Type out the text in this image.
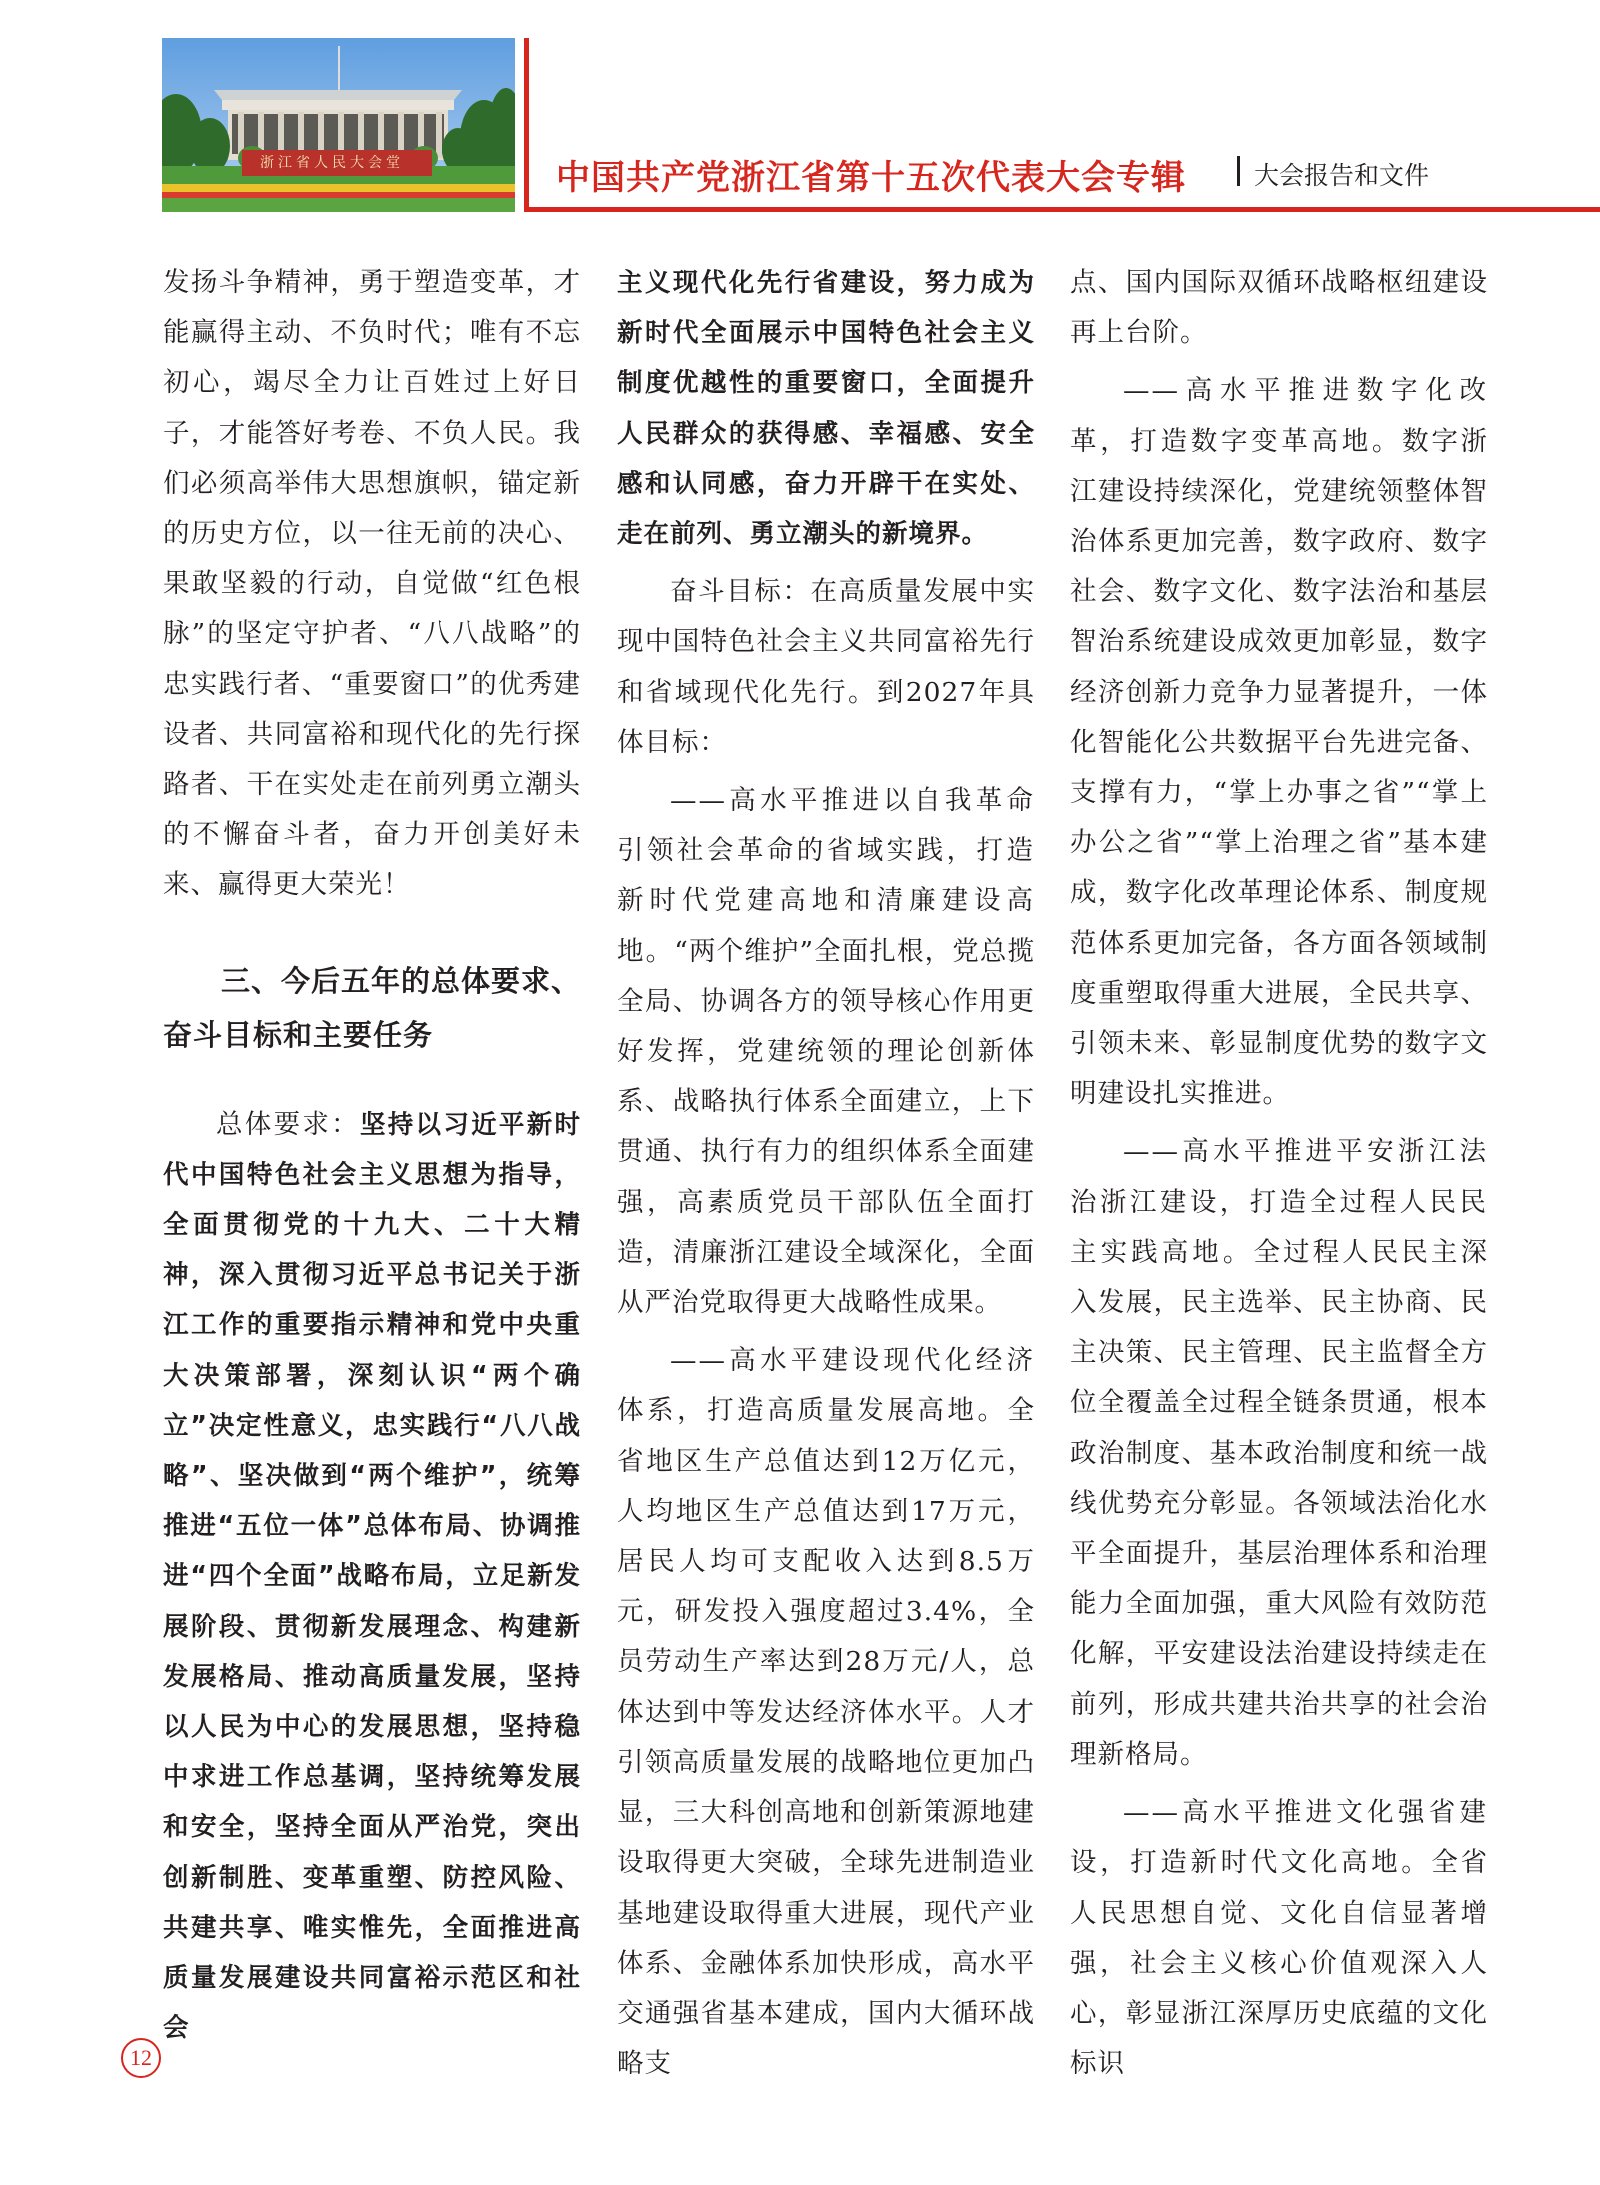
浙江省人民大会堂	中国共产党浙江省第十五次代表大会专辑	大会报告和文件

发扬斗争精神，勇于塑造变革，才能赢得主动、不负时代；唯有不忘初心，竭尽全力让百姓过上好日子，才能答好考卷、不负人民。我们必须高举伟大思想旗帜，锚定新的历史方位，以一往无前的决心、果敢坚毅的行动，自觉做“红色根脉”的坚定守护者、“八八战略”的忠实践行者、“重要窗口”的优秀建设者、共同富裕和现代化的先行探路者、干在实处走在前列勇立潮头的不懈奋斗者，奋力开创美好未来、赢得更大荣光！

三、今后五年的总体要求、
奋斗目标和主要任务

总体要求：坚持以习近平新时代中国特色社会主义思想为指导，全面贯彻党的十九大、二十大精神，深入贯彻习近平总书记关于浙江工作的重要指示精神和党中央重大决策部署，深刻认识“两个确立”决定性意义，忠实践行“八八战略”、坚决做到“两个维护”，统筹推进“五位一体”总体布局、协调推进“四个全面”战略布局，立足新发展阶段、贯彻新发展理念、构建新发展格局、推动高质量发展，坚持以人民为中心的发展思想，坚持稳中求进工作总基调，坚持统筹发展和安全，坚持全面从严治党，突出创新制胜、变革重塑、防控风险、共建共享、唯实惟先，全面推进高质量发展建设共同富裕示范区和社会

主义现代化先行省建设，努力成为新时代全面展示中国特色社会主义制度优越性的重要窗口，全面提升人民群众的获得感、幸福感、安全感和认同感，奋力开辟干在实处、走在前列、勇立潮头的新境界。

奋斗目标：在高质量发展中实现中国特色社会主义共同富裕先行和省域现代化先行。到2027年具体目标：

——高水平推进以自我革命引领社会革命的省域实践，打造新时代党建高地和清廉建设高地。“两个维护”全面扎根，党总揽全局、协调各方的领导核心作用更好发挥，党建统领的理论创新体系、战略执行体系全面建立，上下贯通、执行有力的组织体系全面建强，高素质党员干部队伍全面打造，清廉浙江建设全域深化，全面从严治党取得更大战略性成果。

——高水平建设现代化经济体系，打造高质量发展高地。全省地区生产总值达到12万亿元，人均地区生产总值达到17万元，居民人均可支配收入达到8.5万元，研发投入强度超过3.4%，全员劳动生产率达到28万元/人，总体达到中等发达经济体水平。人才引领高质量发展的战略地位更加凸显，三大科创高地和创新策源地建设取得更大突破，全球先进制造业基地建设取得重大进展，现代产业体系、金融体系加快形成，高水平交通强省基本建成，国内大循环战略支

点、国内国际双循环战略枢纽建设再上台阶。

——高水平推进数字化改革，打造数字变革高地。数字浙江建设持续深化，党建统领整体智治体系更加完善，数字政府、数字社会、数字文化、数字法治和基层智治系统建设成效更加彰显，数字经济创新力竞争力显著提升，一体化智能化公共数据平台先进完备、支撑有力，“掌上办事之省”“掌上办公之省”“掌上治理之省”基本建成，数字化改革理论体系、制度规范体系更加完备，各方面各领域制度重塑取得重大进展，全民共享、引领未来、彰显制度优势的数字文明建设扎实推进。

——高水平推进平安浙江法治浙江建设，打造全过程人民民主实践高地。全过程人民民主深入发展，民主选举、民主协商、民主决策、民主管理、民主监督全方位全覆盖全过程全链条贯通，根本政治制度、基本政治制度和统一战线优势充分彰显。各领域法治化水平全面提升，基层治理体系和治理能力全面加强，重大风险有效防范化解，平安建设法治建设持续走在前列，形成共建共治共享的社会治理新格局。

——高水平推进文化强省建设，打造新时代文化高地。全省人民思想自觉、文化自信显著增强，社会主义核心价值观深入人心，彰显浙江深厚历史底蕴的文化标识

12
